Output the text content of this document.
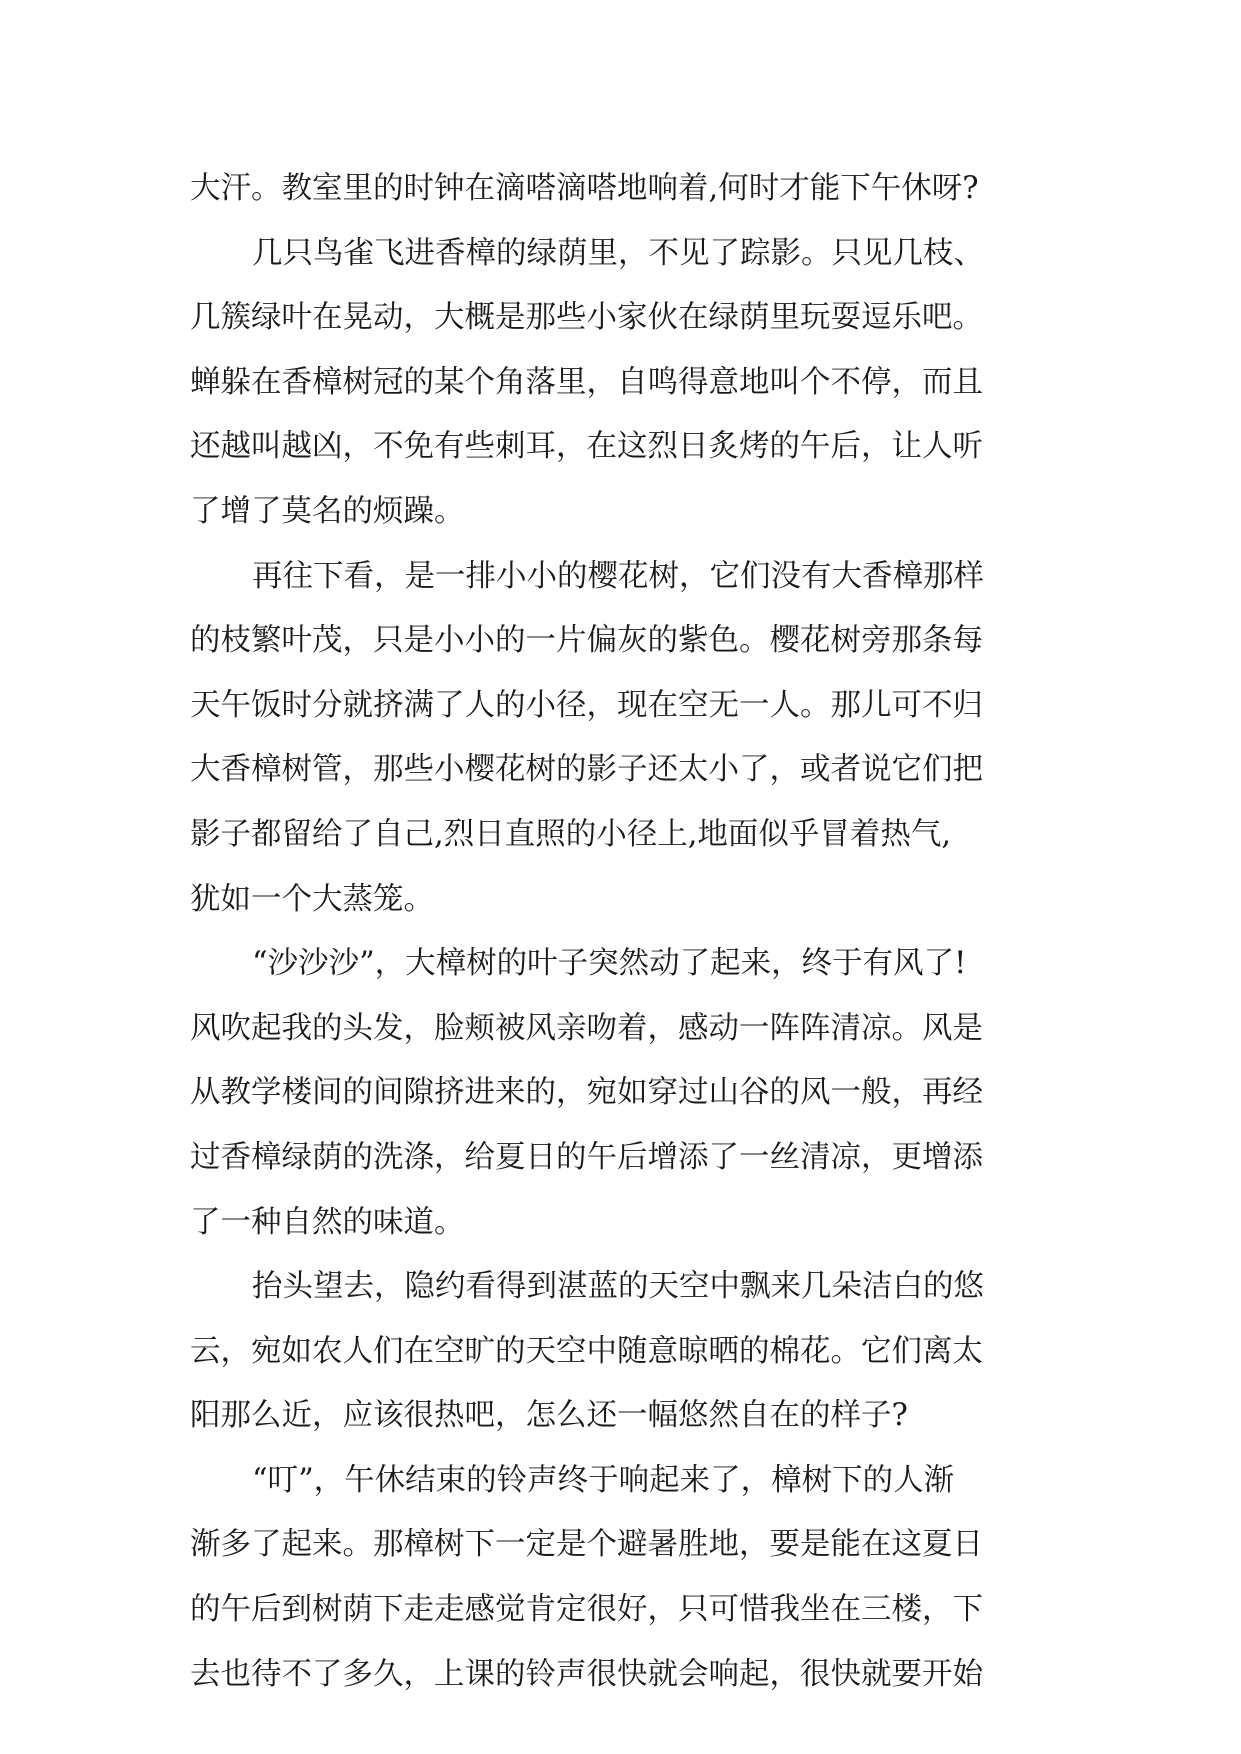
大汗。教室里的时钟在滴嗒滴嗒地响着,何时才能下午休呀?
几只鸟雀飞进香樟的绿荫里，不见了踪影。只见几枝、
几簇绿叶在晃动，大概是那些小家伙在绿荫里玩耍逗乐吧。
蝉躲在香樟树冠的某个角落里，自鸣得意地叫个不停，而且
还越叫越凶，不免有些刺耳，在这烈日炙烤的午后，让人听
了增了莫名的烦躁。
再往下看，是一排小小的樱花树，它们没有大香樟那样
的枝繁叶茂，只是小小的一片偏灰的紫色。樱花树旁那条每
天午饭时分就挤满了人的小径，现在空无一人。那儿可不归
大香樟树管，那些小樱花树的影子还太小了，或者说它们把
影子都留给了自己,烈日直照的小径上,地面似乎冒着热气,
犹如一个大蒸笼。
“沙沙沙”，大樟树的叶子突然动了起来，终于有风了!
风吹起我的头发，脸颊被风亲吻着，感动一阵阵清凉。风是
从教学楼间的间隙挤进来的，宛如穿过山谷的风一般，再经
过香樟绿荫的洗涤，给夏日的午后增添了一丝清凉，更增添
了一种自然的味道。
抬头望去，隐约看得到湛蓝的天空中飘来几朵洁白的悠
云，宛如农人们在空旷的天空中随意晾晒的棉花。它们离太
阳那么近，应该很热吧，怎么还一幅悠然自在的样子?
“叮”，午休结束的铃声终于响起来了，樟树下的人渐
渐多了起来。那樟树下一定是个避暑胜地，要是能在这夏日
的午后到树荫下走走感觉肯定很好，只可惜我坐在三楼，下
去也待不了多久，上课的铃声很快就会响起，很快就要开始
